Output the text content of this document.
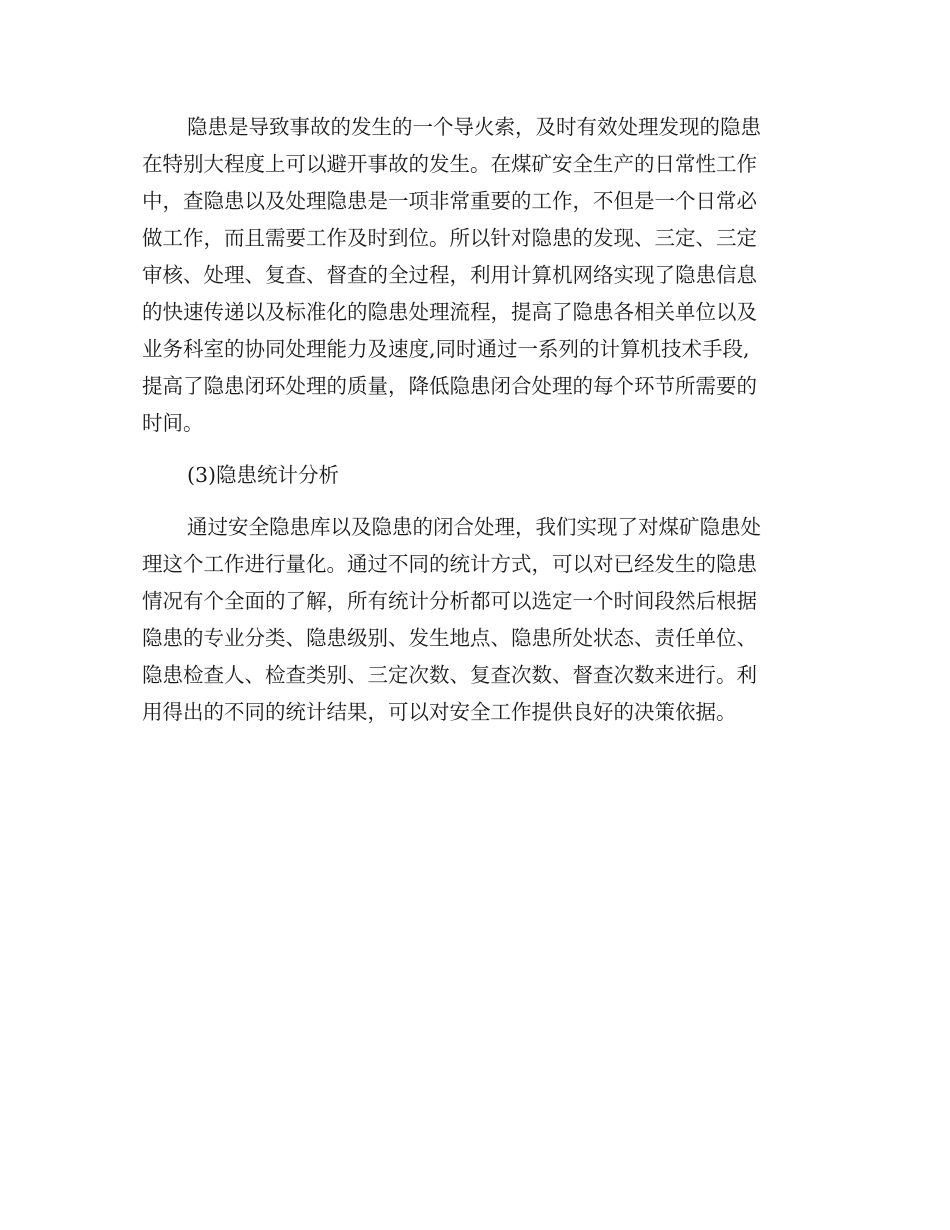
隐患是导致事故的发生的一个导火索，及时有效处理发现的隐患

在特别大程度上可以避开事故的发生。在煤矿安全生产的日常性工作

中，查隐患以及处理隐患是一项非常重要的工作，不但是一个日常必

做工作，而且需要工作及时到位。所以针对隐患的发现、三定、三定

审核、处理、复查、督查的全过程，利用计算机网络实现了隐患信息

的快速传递以及标准化的隐患处理流程，提高了隐患各相关单位以及

业务科室的协同处理能力及速度,同时通过一系列的计算机技术手段,

提高了隐患闭环处理的质量，降低隐患闭合处理的每个环节所需要的

时间。

(3)隐患统计分析

通过安全隐患库以及隐患的闭合处理，我们实现了对煤矿隐患处

理这个工作进行量化。通过不同的统计方式，可以对已经发生的隐患

情况有个全面的了解，所有统计分析都可以选定一个时间段然后根据

隐患的专业分类、隐患级别、发生地点、隐患所处状态、责任单位、

隐患检查人、检查类别、三定次数、复查次数、督查次数来进行。利

用得出的不同的统计结果，可以对安全工作提供良好的决策依据。
